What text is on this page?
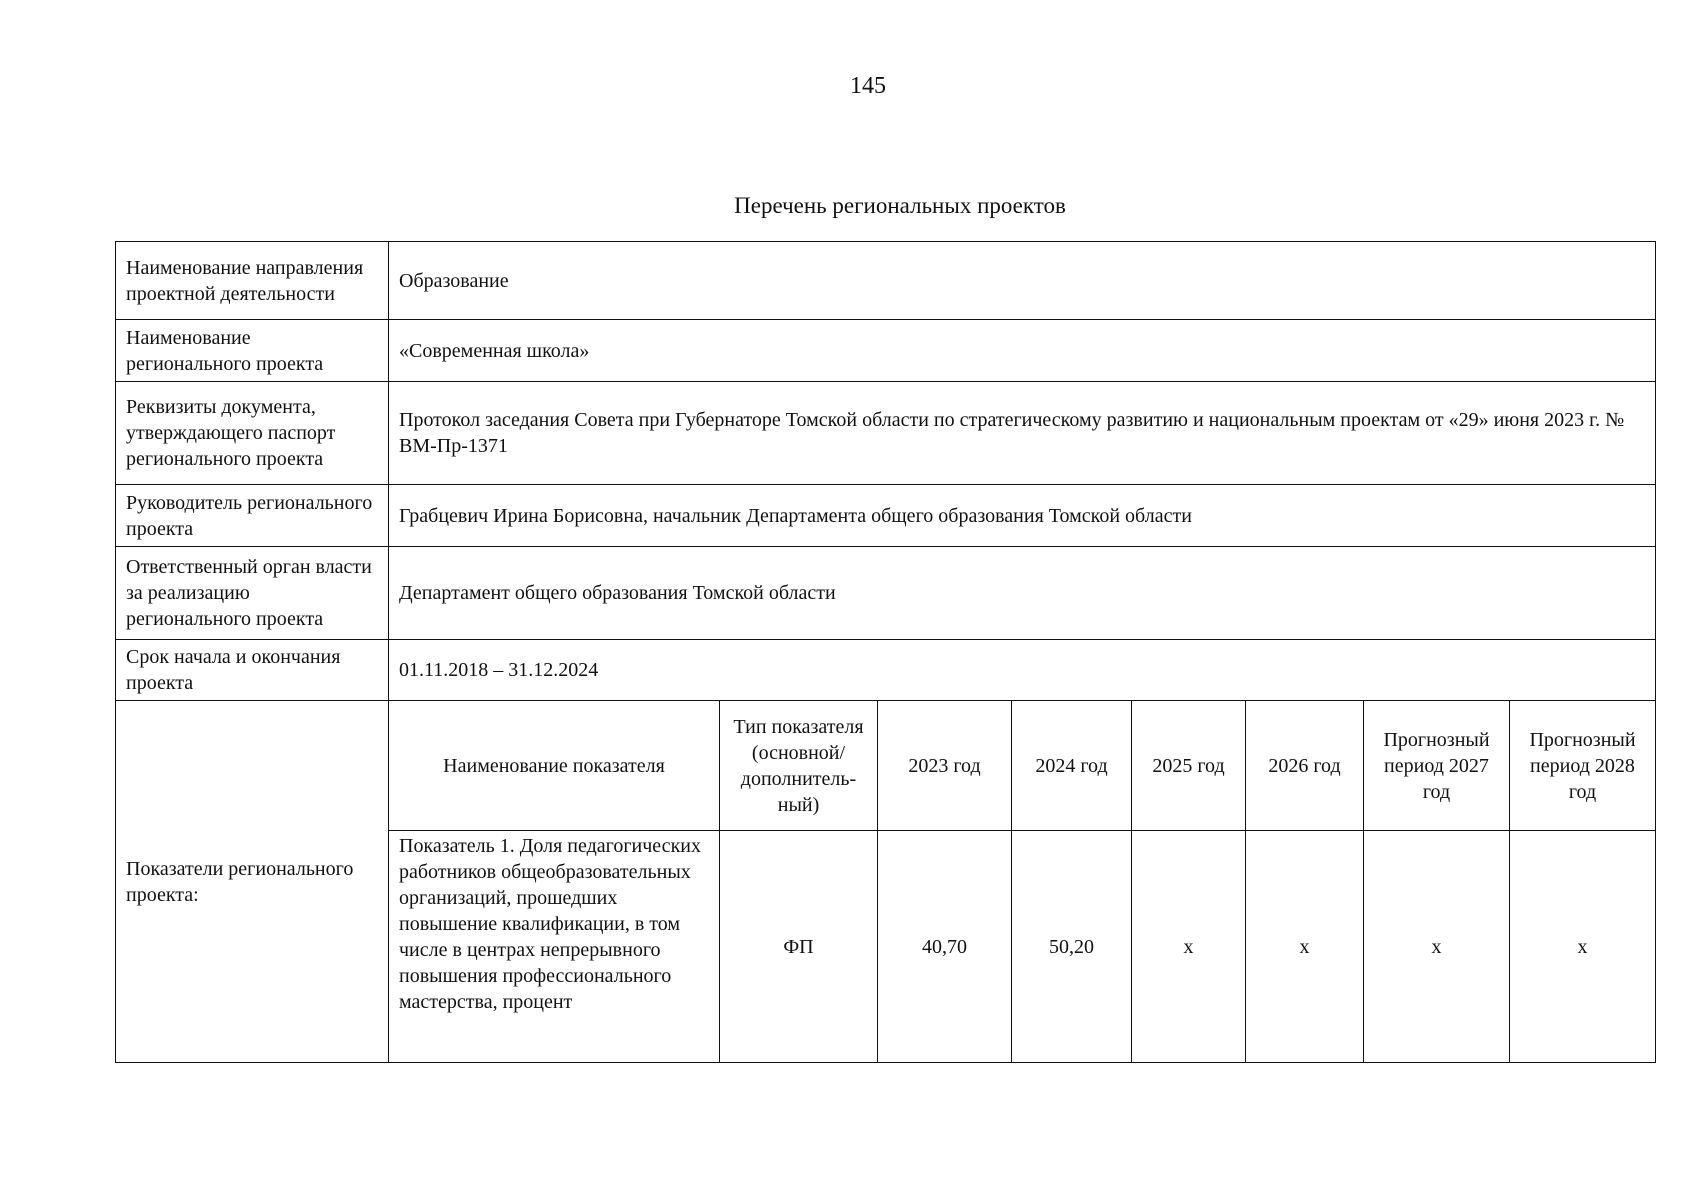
145
Перечень региональных проектов
Наименование направления проектной деятельности	Образование							
Наименование регионального проекта	«Современная школа»							
Реквизиты документа, утверждающего паспорт регионального проекта	Протокол заседания Совета при Губернаторе Томской области по стратегическому развитию и национальным проектам от «29» июня 2023 г. № ВМ-Пр-1371							
Руководитель регионального проекта	Грабцевич Ирина Борисовна, начальник Департамента общего образования Томской области							
Ответственный орган власти за реализацию регионального проекта	Департамент общего образования Томской области							
Срок начала и окончания проекта	01.11.2018 – 31.12.2024							
Показатели регионального проекта:	Наименование показателя	Тип показателя (основной/ дополнитель-ный)	2023 год	2024 год	2025 год	2026 год	Прогнозный период 2027 год	Прогнозный период 2028 год
	Показатель 1. Доля педагогических работников общеобразовательных организаций, прошедших повышение квалификации, в том числе в центрах непрерывного повышения профессионального мастерства, процент	ФП	40,70	50,20	х	х	х	х
